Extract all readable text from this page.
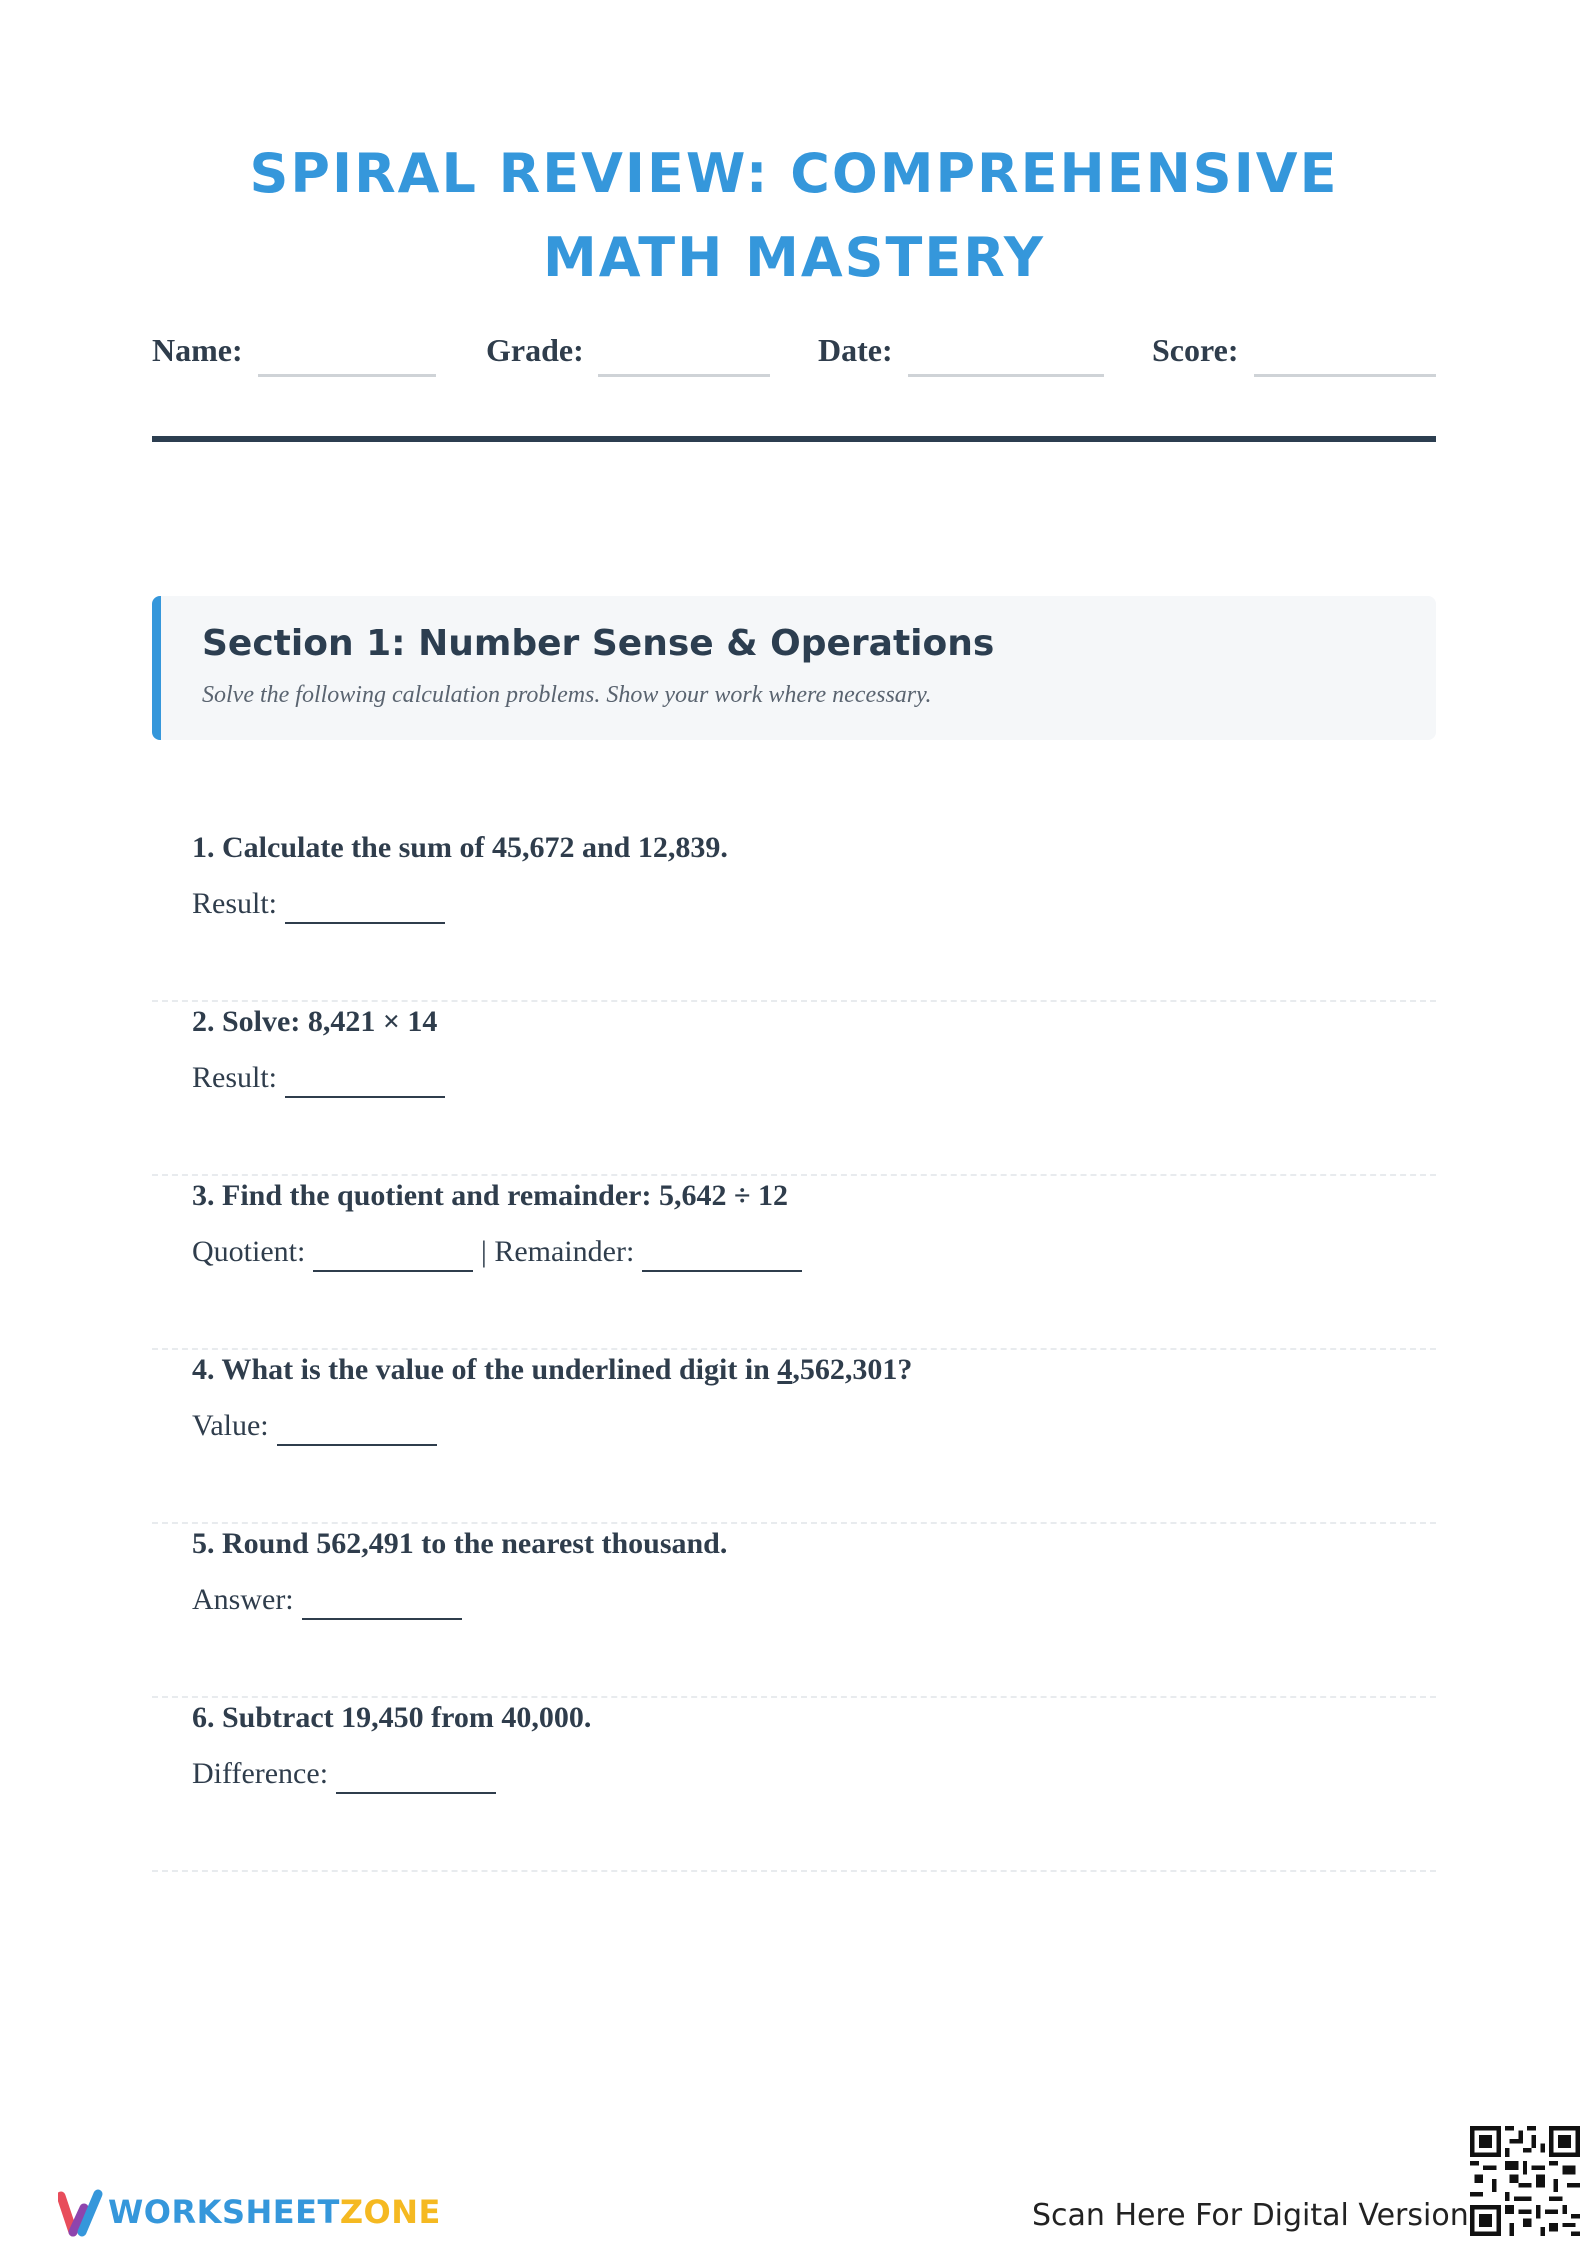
SPIRAL REVIEW: COMPREHENSIVE MATH MASTERY
Name:	Grade:	Date:	Score:
Section 1: Number Sense & Operations

Solve the following calculation problems. Show your work where necessary.

1. Calculate the sum of 45,672 and 12,839.

Result:

2. Solve: 8,421 × 14

Result:

3. Find the quotient and remainder: 5,642 ÷ 12

Quotient:	| Remainder:

4. What is the value of the underlined digit in 4,562,301?

Value:

5. Round 562,491 to the nearest thousand.

Answer:

6. Subtract 19,450 from 40,000.

Difference:

WORKSHEETZONE	Scan Here For Digital Version
